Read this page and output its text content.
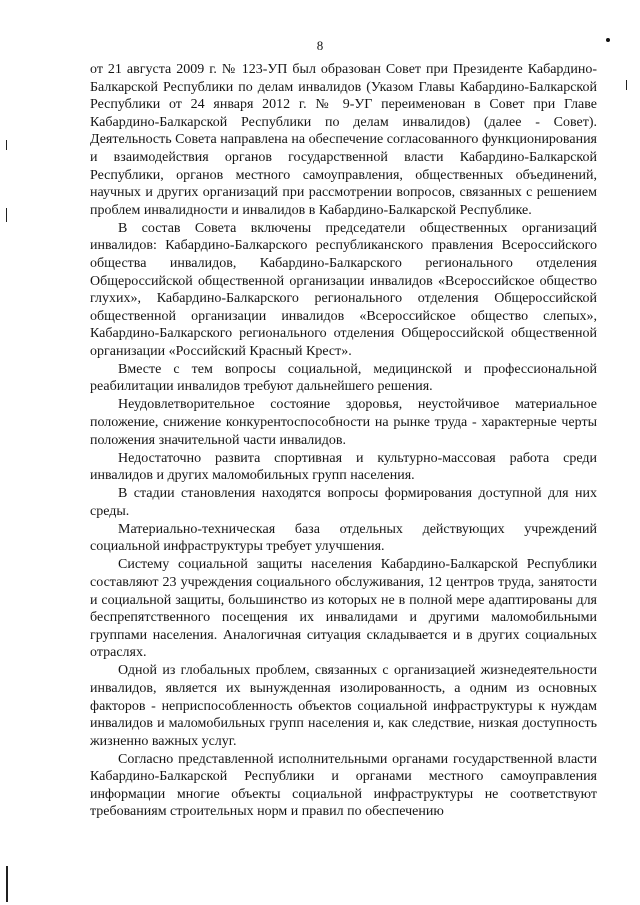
8

от 21 августа 2009 г. № 123-УП был образован Совет при Президенте Кабардино-Балкарской Республики по делам инвалидов (Указом Главы Кабардино-Балкарской Республики от 24 января 2012 г. № 9-УГ переименован в Совет при Главе Кабардино-Балкарской Республики по делам инвалидов) (далее - Совет). Деятельность Совета направлена на обеспечение согласованного функционирования и взаимодействия органов государственной власти Кабардино-Балкарской Республики, органов местного самоуправления, общественных объединений, научных и других организаций при рассмотрении вопросов, связанных с решением проблем инвалидности и инвалидов в Кабардино-Балкарской Республике.

В состав Совета включены председатели общественных организаций инвалидов: Кабардино-Балкарского республиканского правления Всероссийского общества инвалидов, Кабардино-Балкарского регионального отделения Общероссийской общественной организации инвалидов «Всероссийское общество глухих», Кабардино-Балкарского регионального отделения Общероссийской общественной организации инвалидов «Всероссийское общество слепых», Кабардино-Балкарского регионального отделения Общероссийской общественной организации «Российский Красный Крест».

Вместе с тем вопросы социальной, медицинской и профессиональной реабилитации инвалидов требуют дальнейшего решения.

Неудовлетворительное состояние здоровья, неустойчивое материальное положение, снижение конкурентоспособности на рынке труда - характерные черты положения значительной части инвалидов.

Недостаточно развита спортивная и культурно-массовая работа среди инвалидов и других маломобильных групп населения.

В стадии становления находятся вопросы формирования доступной для них среды.

Материально-техническая база отдельных действующих учреждений социальной инфраструктуры требует улучшения.

Систему социальной защиты населения Кабардино-Балкарской Республики составляют 23 учреждения социального обслуживания, 12 центров труда, занятости и социальной защиты, большинство из которых не в полной мере адаптированы для беспрепятственного посещения их инвалидами и другими маломобильными группами населения. Аналогичная ситуация складывается и в других социальных отраслях.

Одной из глобальных проблем, связанных с организацией жизнедеятельности инвалидов, является их вынужденная изолированность, а одним из основных факторов - неприспособленность объектов социальной инфраструктуры к нуждам инвалидов и маломобильных групп населения и, как следствие, низкая доступность жизненно важных услуг.

Согласно представленной исполнительными органами государственной власти Кабардино-Балкарской Республики и органами местного самоуправления информации многие объекты социальной инфраструктуры не соответствуют требованиям строительных норм и правил по обеспечению
